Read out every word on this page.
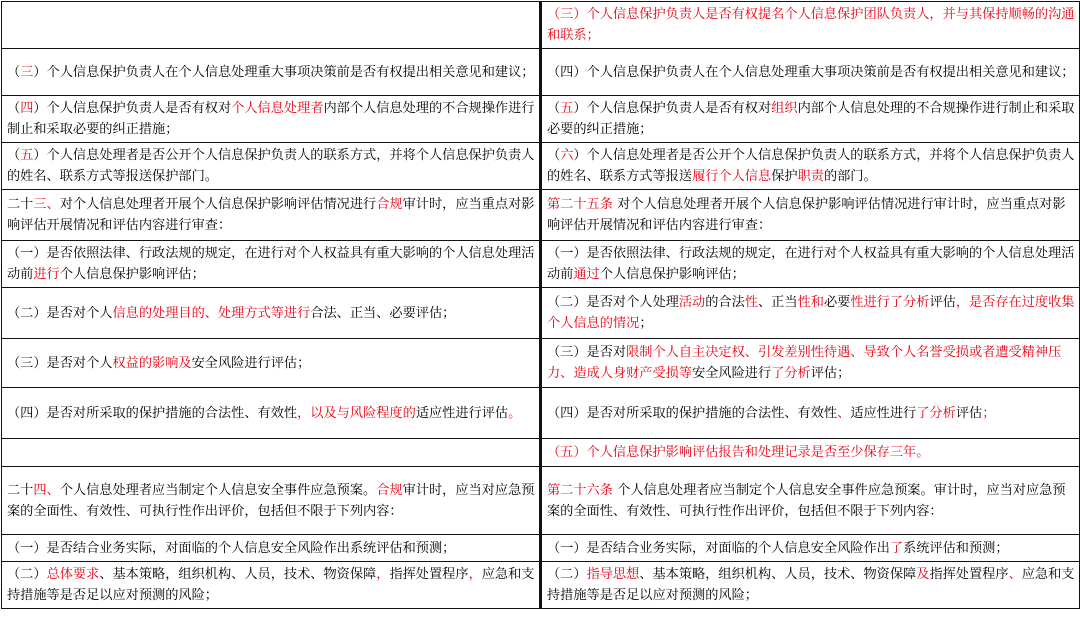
	（三）个人信息保护负责人是否有权提名个人信息保护团队负责人，并与其保持顺畅的沟通和联系；
（三）个人信息保护负责人在个人信息处理重大事项决策前是否有权提出相关意见和建议；	（四）个人信息保护负责人在个人信息处理重大事项决策前是否有权提出相关意见和建议；
（四）个人信息保护负责人是否有权对个人信息处理者内部个人信息处理的不合规操作进行制止和采取必要的纠正措施；	（五）个人信息保护负责人是否有权对组织内部个人信息处理的不合规操作进行制止和采取必要的纠正措施；
（五）个人信息处理者是否公开个人信息保护负责人的联系方式，并将个人信息保护负责人的姓名、联系方式等报送保护部门。	（六）个人信息处理者是否公开个人信息保护负责人的联系方式，并将个人信息保护负责人的姓名、联系方式等报送履行个人信息保护职责的部门。
二十三、对个人信息处理者开展个人信息保护影响评估情况进行合规审计时，应当重点对影响评估开展情况和评估内容进行审查：	第二十五条 对个人信息处理者开展个人信息保护影响评估情况进行审计时，应当重点对影响评估开展情况和评估内容进行审查：
（一）是否依照法律、行政法规的规定，在进行对个人权益具有重大影响的个人信息处理活动前进行个人信息保护影响评估；	（一）是否依照法律、行政法规的规定，在进行对个人权益具有重大影响的个人信息处理活动前通过个人信息保护影响评估；
（二）是否对个人信息的处理目的、处理方式等进行合法、正当、必要评估；	（二）是否对个人处理活动的合法性、正当性和必要性进行了分析评估，是否存在过度收集个人信息的情况；
（三）是否对个人权益的影响及安全风险进行评估；	（三）是否对限制个人自主决定权、引发差别性待遇、导致个人名誉受损或者遭受精神压力、造成人身财产受损等安全风险进行了分析评估；
（四）是否对所采取的保护措施的合法性、有效性，以及与风险程度的适应性进行评估。	（四）是否对所采取的保护措施的合法性、有效性、适应性进行了分析评估；
	（五）个人信息保护影响评估报告和处理记录是否至少保存三年。
二十四、个人信息处理者应当制定个人信息安全事件应急预案。合规审计时，应当对应急预案的全面性、有效性、可执行性作出评价，包括但不限于下列内容：	第二十六条 个人信息处理者应当制定个人信息安全事件应急预案。审计时，应当对应急预案的全面性、有效性、可执行性作出评价，包括但不限于下列内容：
（一）是否结合业务实际，对面临的个人信息安全风险作出系统评估和预测；	（一）是否结合业务实际，对面临的个人信息安全风险作出了系统评估和预测；
（二）总体要求、基本策略，组织机构、人员，技术、物资保障，指挥处置程序，应急和支持措施等是否足以应对预测的风险；	（二）指导思想、基本策略，组织机构、人员，技术、物资保障及指挥处置程序、应急和支持措施等是否足以应对预测的风险；
